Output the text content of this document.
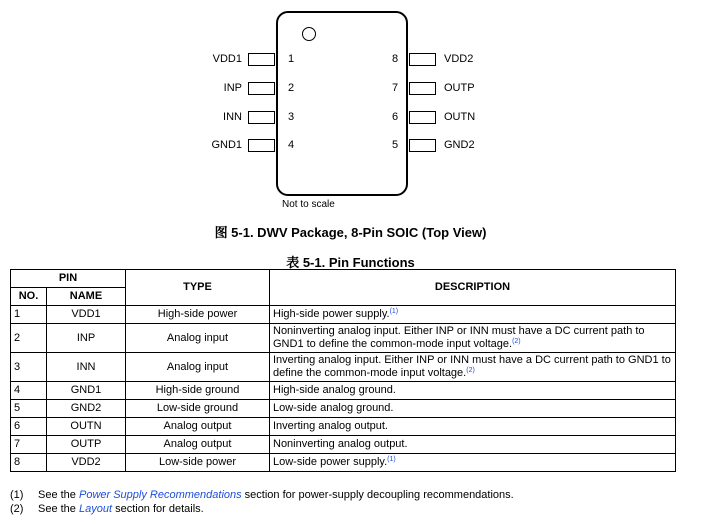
VDD1
INP
INN
GND1
1
2
3
4
VDD2
OUTP
OUTN
GND2
8
7
6
5
Not to scale
图 5-1. DWV Package, 8-Pin SOIC (Top View)
表 5-1. Pin Functions
PIN		TYPE	DESCRIPTION
NO.	NAME		
1	VDD1	High-side power	High-side power supply.$^{(1)}$
2	INP	Analog input	Noninverting analog input. Either INP or INN must have a DC current path to GND1 to define the common-mode input voltage.$^{(2)}$
3	INN	Analog input	Inverting analog input. Either INP or INN must have a DC current path to GND1 to define the common-mode input voltage.$^{(2)}$
4	GND1	High-side ground	High-side analog ground.
5	GND2	Low-side ground	Low-side analog ground.
6	OUTN	Analog output	Inverting analog output.
7	OUTP	Analog output	Noninverting analog output.
8	VDD2	Low-side power	Low-side power supply.$^{(1)}$
(1) See the Power Supply Recommendations section for power-supply decoupling recommendations.
(2) See the Layout section for details.
